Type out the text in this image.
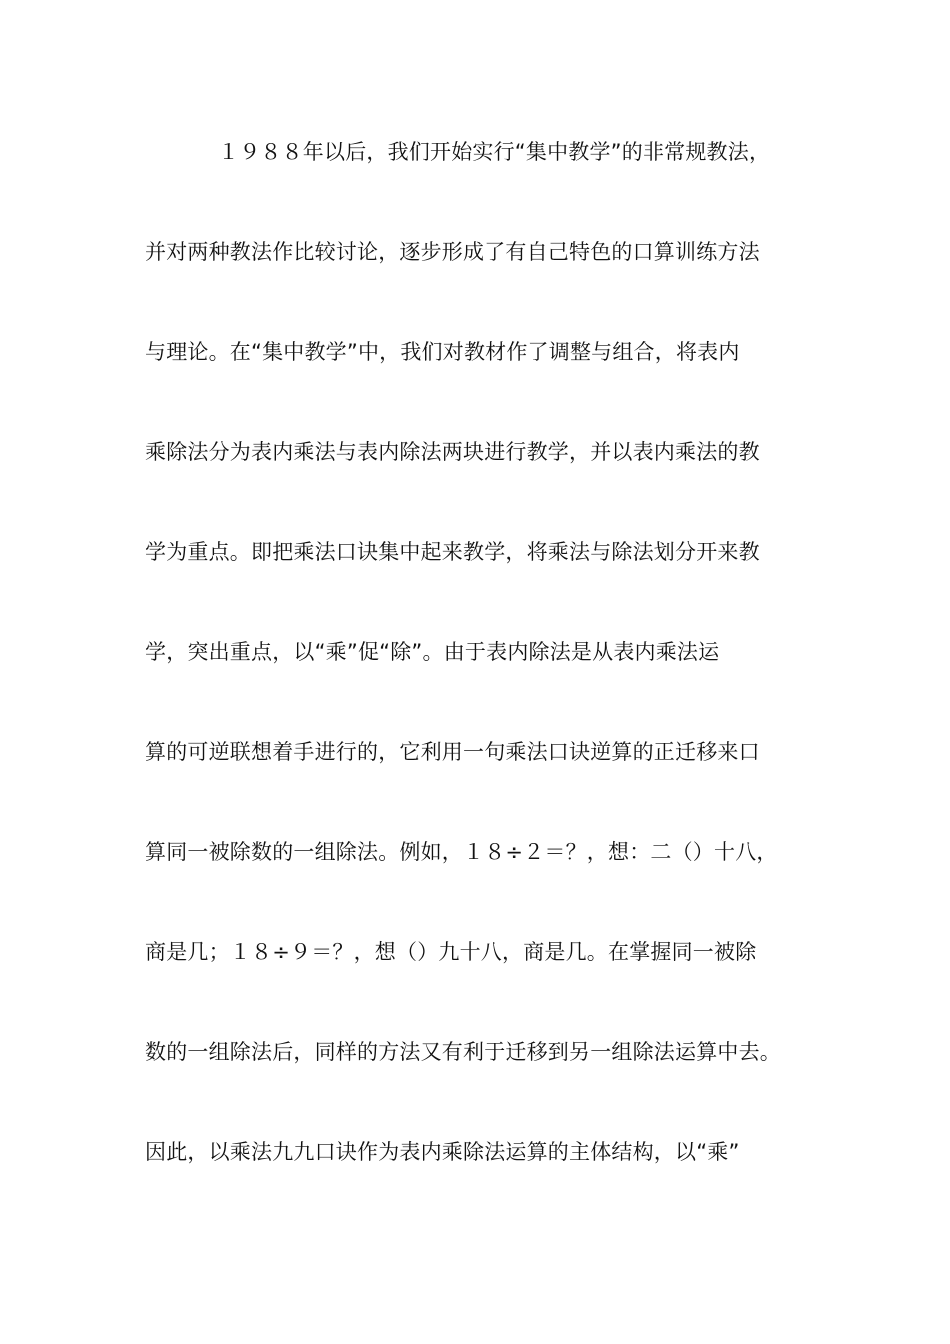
１９８８年以后，我们开始实行“集中教学”的非常规教法，
并对两种教法作比较讨论，逐步形成了有自己特色的口算训练方法
与理论。在“集中教学”中，我们对教材作了调整与组合，将表内
乘除法分为表内乘法与表内除法两块进行教学，并以表内乘法的教
学为重点。即把乘法口诀集中起来教学，将乘法与除法划分开来教
学，突出重点，以“乘”促“除”。由于表内除法是从表内乘法运
算的可逆联想着手进行的，它利用一句乘法口诀逆算的正迁移来口
算同一被除数的一组除法。例如，１８÷２＝？，想：二（）十八，
商是几；１８÷９＝？，想（）九十八，商是几。在掌握同一被除
数的一组除法后，同样的方法又有利于迁移到另一组除法运算中去。
因此，以乘法九九口诀作为表内乘除法运算的主体结构，以“乘”
